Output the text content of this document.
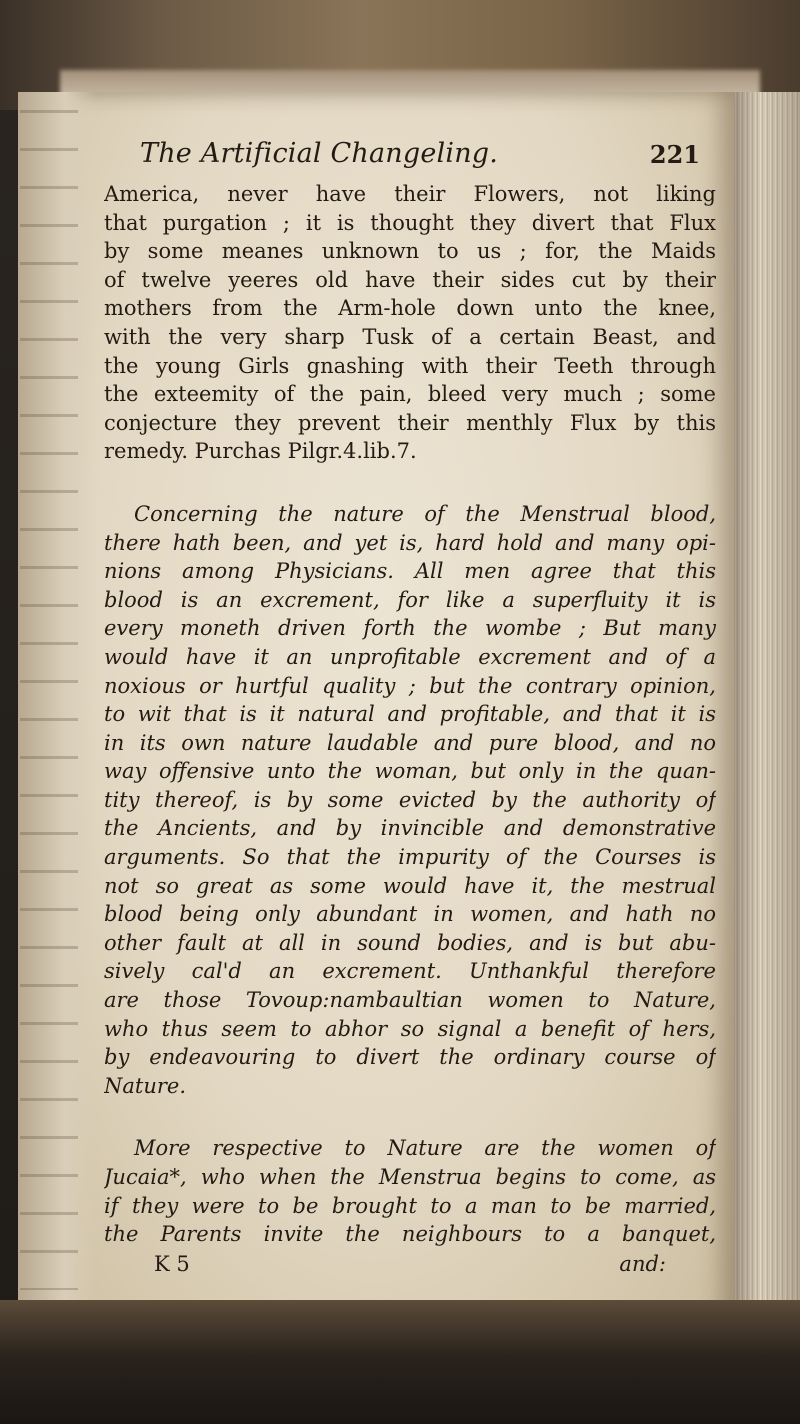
The Artificial Changeling.	221
America, never have their Flowers, not liking
that purgation ; it is thought they divert that Flux
by some meanes unknown to us ; for, the Maids
of twelve yeeres old have their sides cut by their
mothers from the Arm-hole down unto the knee,
with the very sharp Tusk of a certain Beast, and
the young Girls gnashing with their Teeth through
the exteemity of the pain, bleed very much ; some
conjecture they prevent their menthly Flux by this
remedy. Purchas Pilgr.4.lib.7.
Concerning the nature of the Menstrual blood,
there hath been, and yet is, hard hold and many opi-
nions among Physicians. All men agree that this
blood is an excrement, for like a superfluity it is
every moneth driven forth the wombe ; But many
would have it an unprofitable excrement and of a
noxious or hurtful quality ; but the contrary opinion,
to wit that is it natural and profitable, and that it is
in its own nature laudable and pure blood, and no
way offensive unto the woman, but only in the quan-
tity thereof, is by some evicted by the authority of
the Ancients, and by invincible and demonstrative
arguments. So that the impurity of the Courses is
not so great as some would have it, the mestrual
blood being only abundant in women, and hath no
other fault at all in sound bodies, and is but abu-
sively cal'd an excrement. Unthankful therefore
are those Tovoup:nambaultian women to Nature,
who thus seem to abhor so signal a benefit of hers,
by endeavouring to divert the ordinary course of
Nature.
More respective to Nature are the women of
Jucaia*, who when the Menstrua begins to come, as
if they were to be brought to a man to be married,
the Parents invite the neighbours to a banquet,
K 5	and:
